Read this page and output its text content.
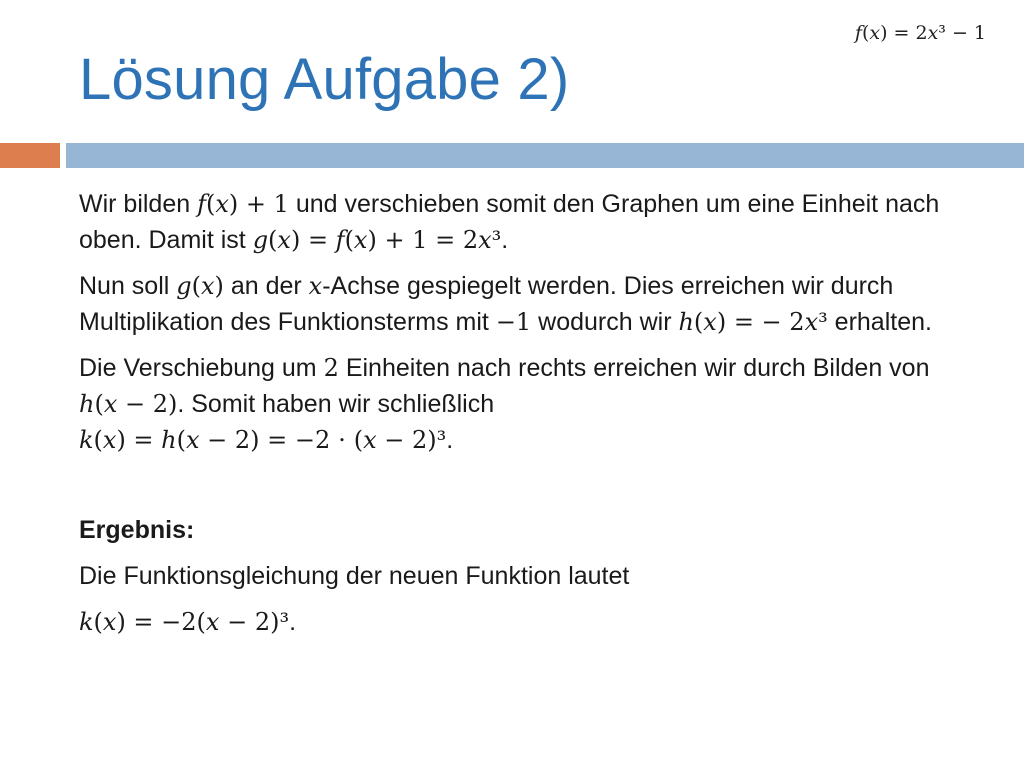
𝑓(𝑥) = 2𝑥³ − 1
Lösung Aufgabe 2)

Wir bilden 𝑓(𝑥) + 1 und verschieben somit den Graphen um eine Einheit nach oben. Damit ist 𝑔(𝑥) = 𝑓(𝑥) + 1 = 2𝑥³.

Nun soll 𝑔(𝑥) an der 𝑥-Achse gespiegelt werden. Dies erreichen wir durch Multiplikation des Funktionsterms mit −1 wodurch wir ℎ(𝑥) = − 2𝑥³ erhalten.

Die Verschiebung um 2 Einheiten nach rechts erreichen wir durch Bilden von ℎ(𝑥 − 2). Somit haben wir schließlich
𝑘(𝑥) = ℎ(𝑥 − 2) = −2 ⋅ (𝑥 − 2)³.

Ergebnis:

Die Funktionsgleichung der neuen Funktion lautet

𝑘(𝑥) = −2(𝑥 − 2)³.
